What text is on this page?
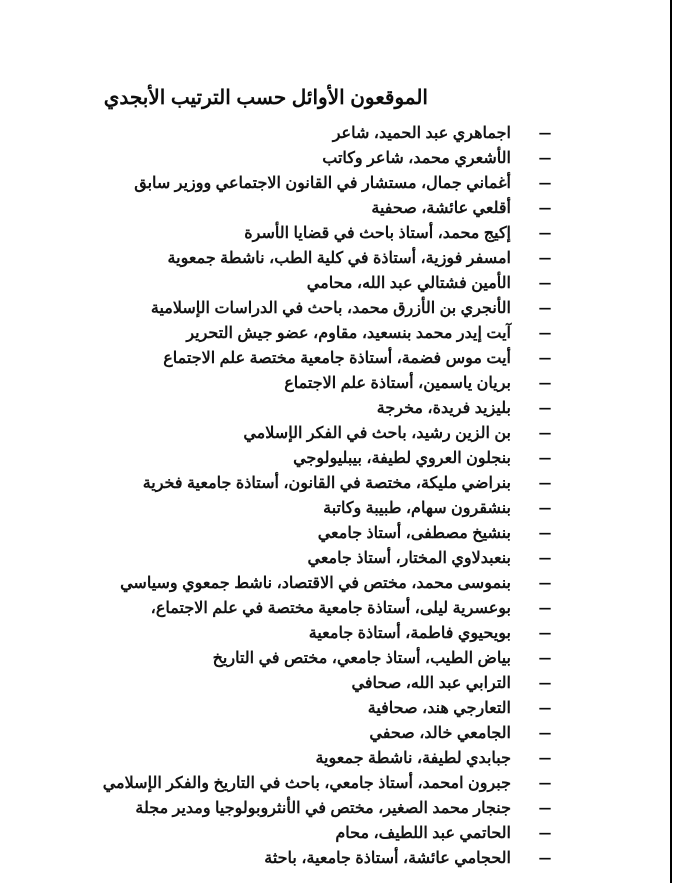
الموقعون الأوائل حسب الترتيب الأبجدي
–
اجماهري عبد الحميد، شاعر
–
الأشعري محمد، شاعر وكاتب
–
أغماني جمال، مستشار في القانون الاجتماعي ووزير سابق
–
أقلعي عائشة، صحفية
–
إكيج محمد، أستاذ باحث في قضايا الأسرة
–
امسفر فوزية، أستاذة في كلية الطب، ناشطة جمعوية
–
الأمين فشتالي عبد الله، محامي
–
الأنجري بن الأزرق محمد، باحث في الدراسات الإسلامية
–
آيت إيدر محمد بنسعيد، مقاوم، عضو جيش التحرير
–
أيت موس فضمة، أستاذة جامعية مختصة علم الاجتماع
–
بريان ياسمين، أستاذة علم الاجتماع
–
بليزيد فريدة، مخرجة
–
بن الزين رشيد، باحث في الفكر الإسلامي
–
بنجلون العروي لطيفة، بيبليولوجي
–
بنراضي مليكة، مختصة في القانون، أستاذة جامعية فخرية
–
بنشقرون سهام، طبيبة وكاتبة
–
بنشيخ مصطفى، أستاذ جامعي
–
بنعبدلاوي المختار، أستاذ جامعي
–
بنموسى محمد، مختص في الاقتصاد، ناشط جمعوي وسياسي
–
بوعسرية ليلى، أستاذة جامعية مختصة في علم الاجتماع،
–
بويحيوي فاطمة، أستاذة جامعية
–
بياض الطيب، أستاذ جامعي، مختص في التاريخ
–
الترابي عبد الله، صحافي
–
التعارجي هند، صحافية
–
الجامعي خالد، صحفي
–
جبابدي لطيفة، ناشطة جمعوية
–
جبرون امحمد، أستاذ جامعي، باحث في التاريخ والفكر الإسلامي
–
جنجار محمد الصغير، مختص في الأنثروبولوجيا ومدير مجلة
–
الحاتمي عبد اللطيف، محام
–
الحجامي عائشة، أستاذة جامعية، باحثة
